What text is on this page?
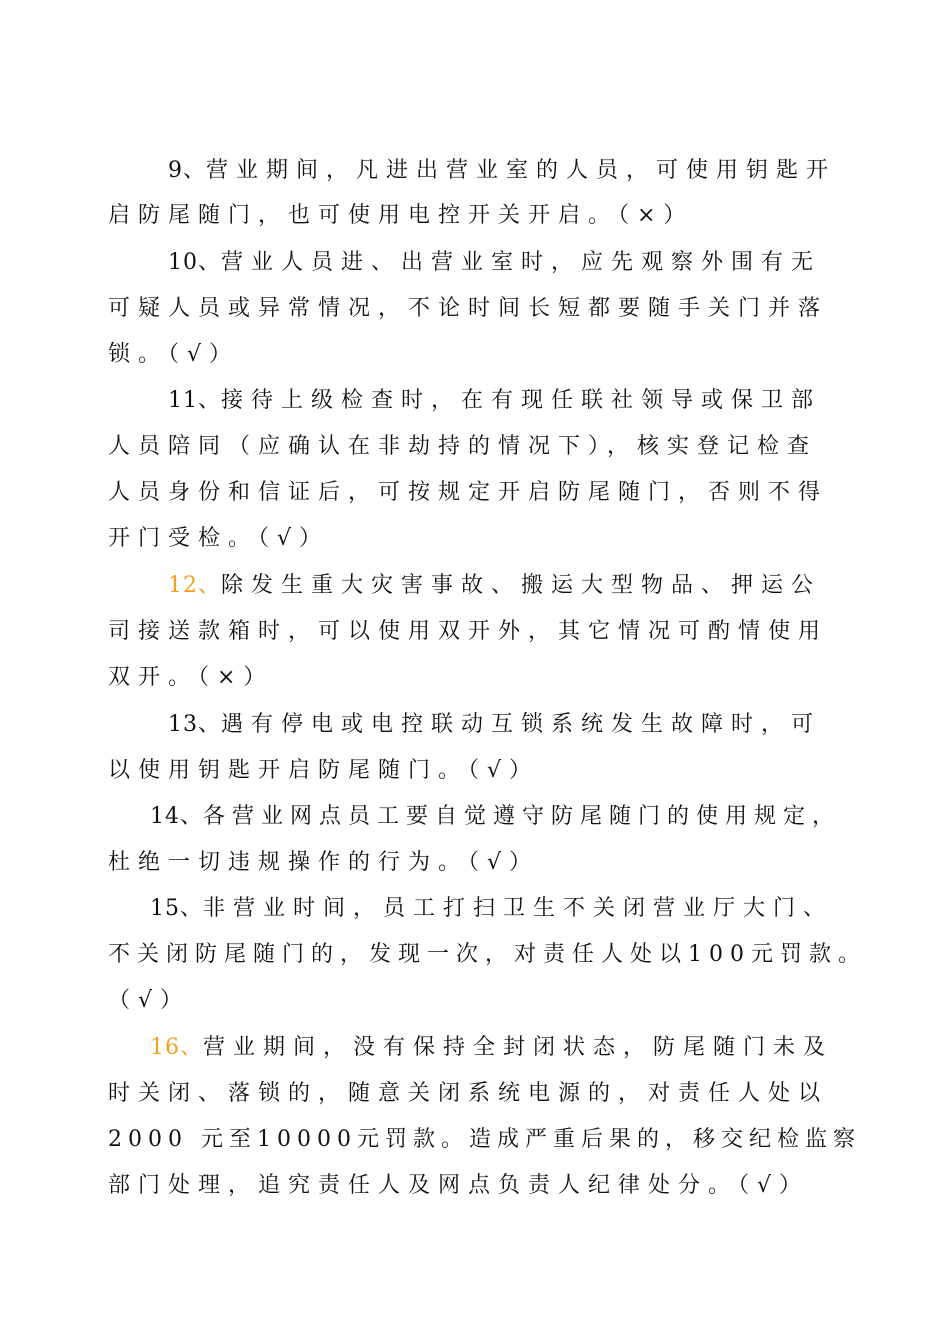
9、营业期间，凡进出营业室的人员，可使用钥匙开
启防尾随门，也可使用电控开关开启。（×）
10、营业人员进、出营业室时，应先观察外围有无
可疑人员或异常情况，不论时间长短都要随手关门并落
锁。（√）
11、接待上级检查时，在有现任联社领导或保卫部
人员陪同（应确认在非劫持的情况下），核实登记检查
人员身份和信证后，可按规定开启防尾随门，否则不得
开门受检。（√）
12、除发生重大灾害事故、搬运大型物品、押运公
司接送款箱时，可以使用双开外，其它情况可酌情使用
双开。（×）
13、遇有停电或电控联动互锁系统发生故障时，可
以使用钥匙开启防尾随门。（√）
14、各营业网点员工要自觉遵守防尾随门的使用规定，
杜绝一切违规操作的行为。（√）
15、非营业时间，员工打扫卫生不关闭营业厅大门、
不关闭防尾随门的，发现一次，对责任人处以100元罚款。
（√）
16、营业期间，没有保持全封闭状态，防尾随门未及
时关闭、落锁的，随意关闭系统电源的，对责任人处以
2000 元至10000元罚款。造成严重后果的，移交纪检监察
部门处理，追究责任人及网点负责人纪律处分。（√）
